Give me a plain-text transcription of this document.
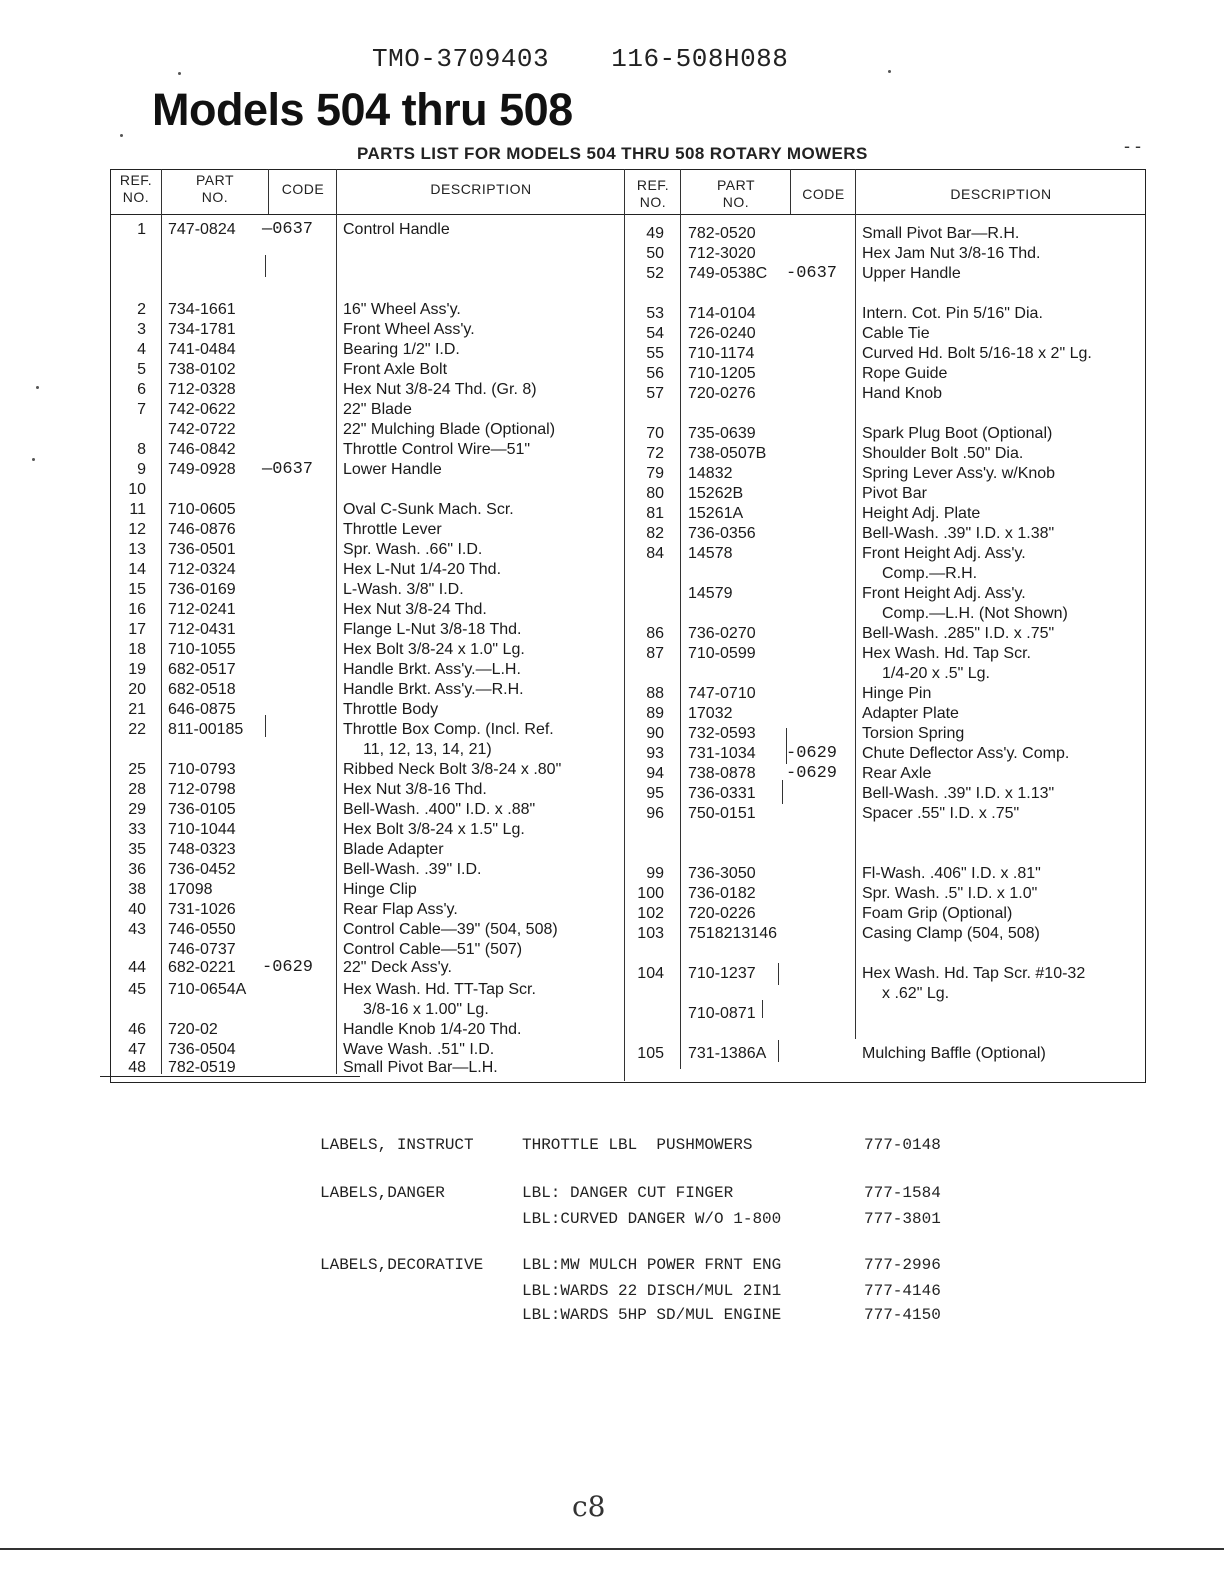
TMO-3709403 116-508H088
Models 504 thru 508
PARTS LIST FOR MODELS 504 THRU 508 ROTARY MOWERS	- -
REF.
NO.
PART
NO.	CODE	DESCRIPTION	REF.
NO.
PART
NO.	CODE	DESCRIPTION
1 747-0824 —0637 Control Handle
2 734-1661	16" Wheel Ass'y.
3 734-1781	Front Wheel Ass'y.
4 741-0484	Bearing 1/2" I.D.
5 738-0102	Front Axle Bolt
6 712-0328	Hex Nut 3/8-24 Thd. (Gr. 8)
7 742-0622	22" Blade
742-0722	22" Mulching Blade (Optional)
8 746-0842	Throttle Control Wire—51"
9 749-0928 —0637 Lower Handle
10
11 710-0605	Oval C-Sunk Mach. Scr.
12 746-0876	Throttle Lever
13 736-0501	Spr. Wash. .66" I.D.
14 712-0324	Hex L-Nut 1/4-20 Thd.
15 736-0169	L-Wash. 3/8" I.D.
16 712-0241	Hex Nut 3/8-24 Thd.
17 712-0431	Flange L-Nut 3/8-18 Thd.
18 710-1055	Hex Bolt 3/8-24 x 1.0" Lg.
19 682-0517	Handle Brkt. Ass'y.—L.H.
20 682-0518	Handle Brkt. Ass'y.—R.H.
21 646-0875	Throttle Body
22 811-00185	Throttle Box Comp. (Incl. Ref.
11, 12, 13, 14, 21)
25 710-0793	Ribbed Neck Bolt 3/8-24 x .80"
28 712-0798	Hex Nut 3/8-16 Thd.
29 736-0105	Bell-Wash. .400" I.D. x .88"
33 710-1044	Hex Bolt 3/8-24 x 1.5" Lg.
35 748-0323	Blade Adapter
36 736-0452	Bell-Wash. .39" I.D.
38 17098	Hinge Clip
40 731-1026	Rear Flap Ass'y.
43 746-0550	Control Cable—39" (504, 508)
746-0737	Control Cable—51" (507)
44 682-0221 -0629 22" Deck Ass'y.
45 710-0654A	Hex Wash. Hd. TT-Tap Scr.
3/8-16 x 1.00" Lg.
46 720-02	Handle Knob 1/4-20 Thd.
47 736-0504	Wave Wash. .51" I.D.
48 782-0519	Small Pivot Bar—L.H.
49 782-0520	Small Pivot Bar—R.H.
50 712-3020	Hex Jam Nut 3/8-16 Thd.
52 749-0538C -0637 Upper Handle
53 714-0104	Intern. Cot. Pin 5/16" Dia.
54 726-0240	Cable Tie
55 710-1174	Curved Hd. Bolt 5/16-18 x 2" Lg.
56 710-1205	Rope Guide
57 720-0276	Hand Knob
70 735-0639	Spark Plug Boot (Optional)
72 738-0507B	Shoulder Bolt .50" Dia.
79 14832	Spring Lever Ass'y. w/Knob
80 15262B	Pivot Bar
81 15261A	Height Adj. Plate
82 736-0356	Bell-Wash. .39" I.D. x 1.38"
84 14578	Front Height Adj. Ass'y.
Comp.—R.H.
14579	Front Height Adj. Ass'y.
Comp.—L.H. (Not Shown)
86 736-0270	Bell-Wash. .285" I.D. x .75"
87 710-0599	Hex Wash. Hd. Tap Scr.
1/4-20 x .5" Lg.
88 747-0710	Hinge Pin
89 17032	Adapter Plate
90 732-0593	Torsion Spring
93 731-1034 -0629 Chute Deflector Ass'y. Comp.
94 738-0878 -0629 Rear Axle
95 736-0331	Bell-Wash. .39" I.D. x 1.13"
96 750-0151	Spacer .55" I.D. x .75"
99 736-3050	Fl-Wash. .406" I.D. x .81"
100 736-0182	Spr. Wash. .5" I.D. x 1.0"
102 720-0226	Foam Grip (Optional)
103 7518213146	Casing Clamp (504, 508)
104 710-1237	Hex Wash. Hd. Tap Scr. #10-32
x .62" Lg.
710-0871
105 731-1386A	Mulching Baffle (Optional)
LABELS, INSTRUCT	THROTTLE LBL  PUSHMOWERS	777-0148
LABELS,DANGER	LBL: DANGER CUT FINGER	777-1584
LBL:CURVED DANGER W/O 1-800	777-3801
LABELS,DECORATIVE LBL:MW MULCH POWER FRNT ENG	777-2996
LBL:WARDS 22 DISCH/MUL 2IN1	777-4146
LBL:WARDS 5HP SD/MUL ENGINE	777-4150
c8
